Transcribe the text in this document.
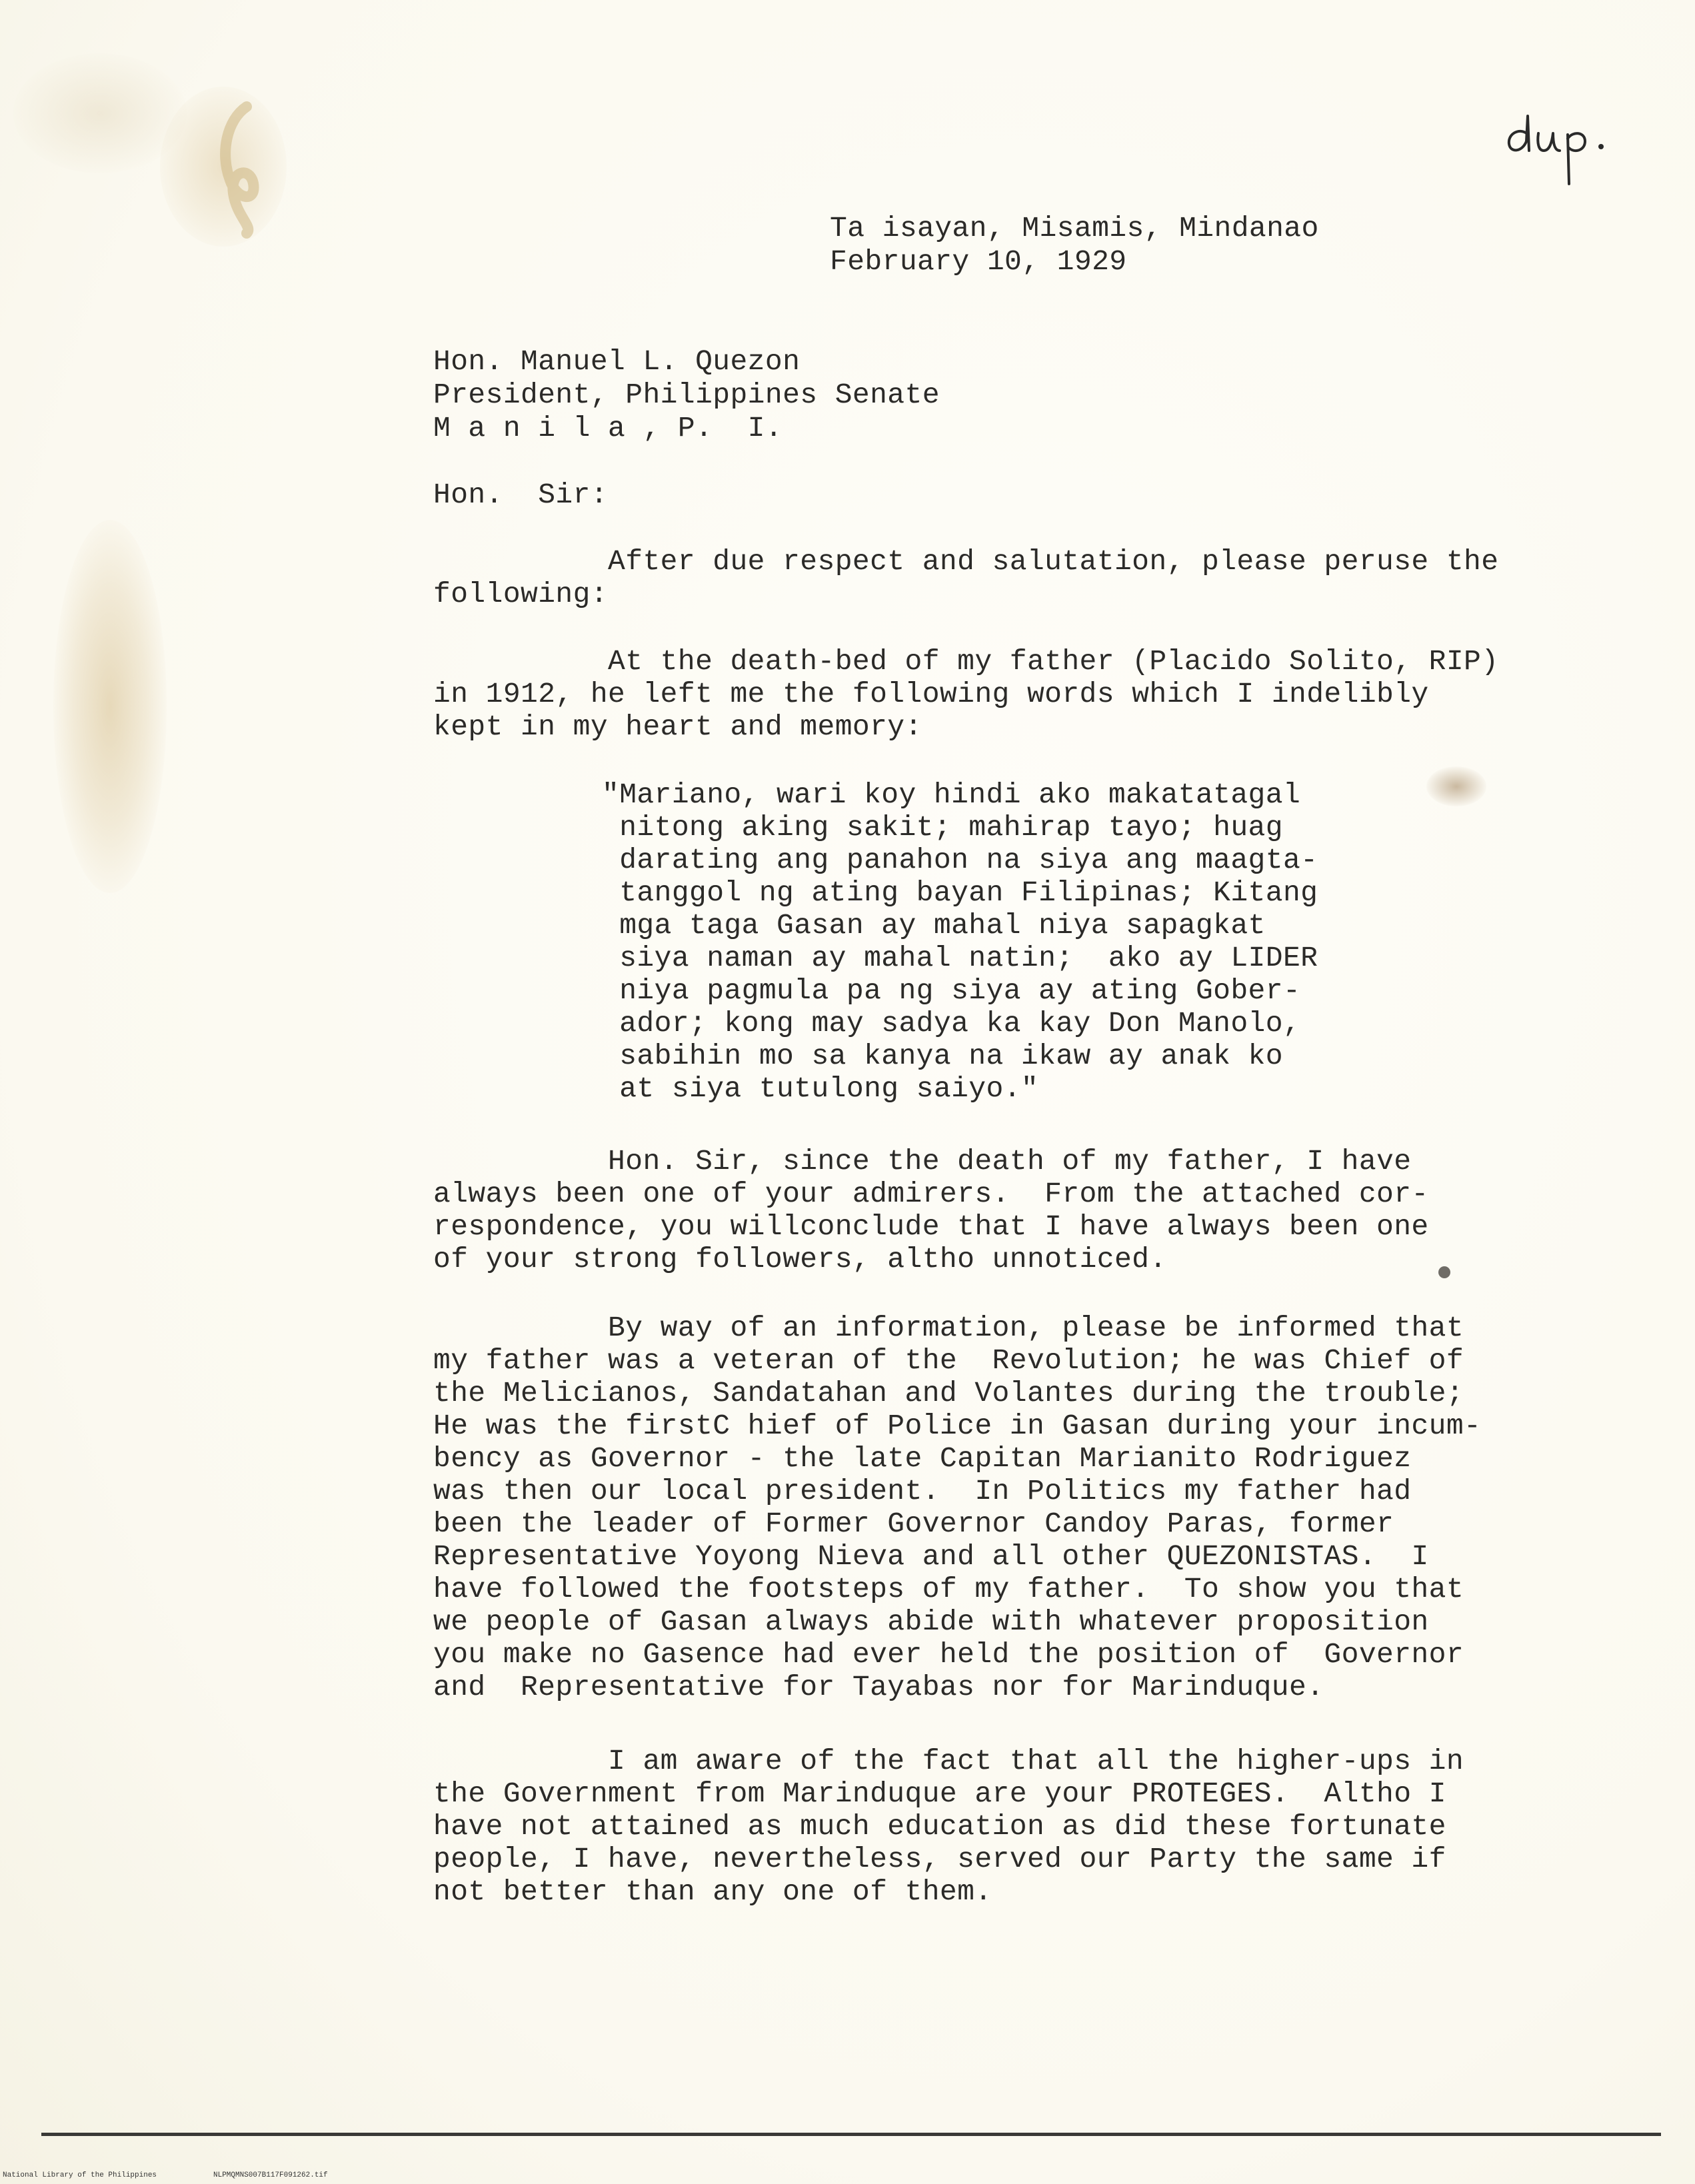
Ta isayan, Misamis, Mindanao
February 10, 1929
Hon. Manuel L. Quezon
President, Philippines Senate
M a n i l a , P.  I.
Hon.  Sir:
After due respect and salutation, please peruse the
following:
At the death-bed of my father (Placido Solito, RIP)
in 1912, he left me the following words which I indelibly
kept in my heart and memory:
"Mariano, wari koy hindi ako makatatagal
nitong aking sakit; mahirap tayo; huag
darating ang panahon na siya ang maagta-
tanggol ng ating bayan Filipinas; Kitang
mga taga Gasan ay mahal niya sapagkat
siya naman ay mahal natin;  ako ay LIDER
niya pagmula pa ng siya ay ating Gober-
ador; kong may sadya ka kay Don Manolo,
sabihin mo sa kanya na ikaw ay anak ko
at siya tutulong saiyo."
Hon. Sir, since the death of my father, I have
always been one of your admirers.  From the attached cor-
respondence, you willconclude that I have always been one
of your strong followers, altho unnoticed.
By way of an information, please be informed that
my father was a veteran of the  Revolution; he was Chief of
the Melicianos, Sandatahan and Volantes during the trouble;
He was the firstC hief of Police in Gasan during your incum-
bency as Governor - the late Capitan Marianito Rodriguez
was then our local president.  In Politics my father had
been the leader of Former Governor Candoy Paras, former
Representative Yoyong Nieva and all other QUEZONISTAS.  I
have followed the footsteps of my father.  To show you that
we people of Gasan always abide with whatever proposition
you make no Gasence had ever held the position of  Governor
and  Representative for Tayabas nor for Marinduque.
I am aware of the fact that all the higher-ups in
the Government from Marinduque are your PROTEGES.  Altho I
have not attained as much education as did these fortunate
people, I have, nevertheless, served our Party the same if
not better than any one of them.
National Library of the Philippines	NLPMQMNS007B117F091262.tif
